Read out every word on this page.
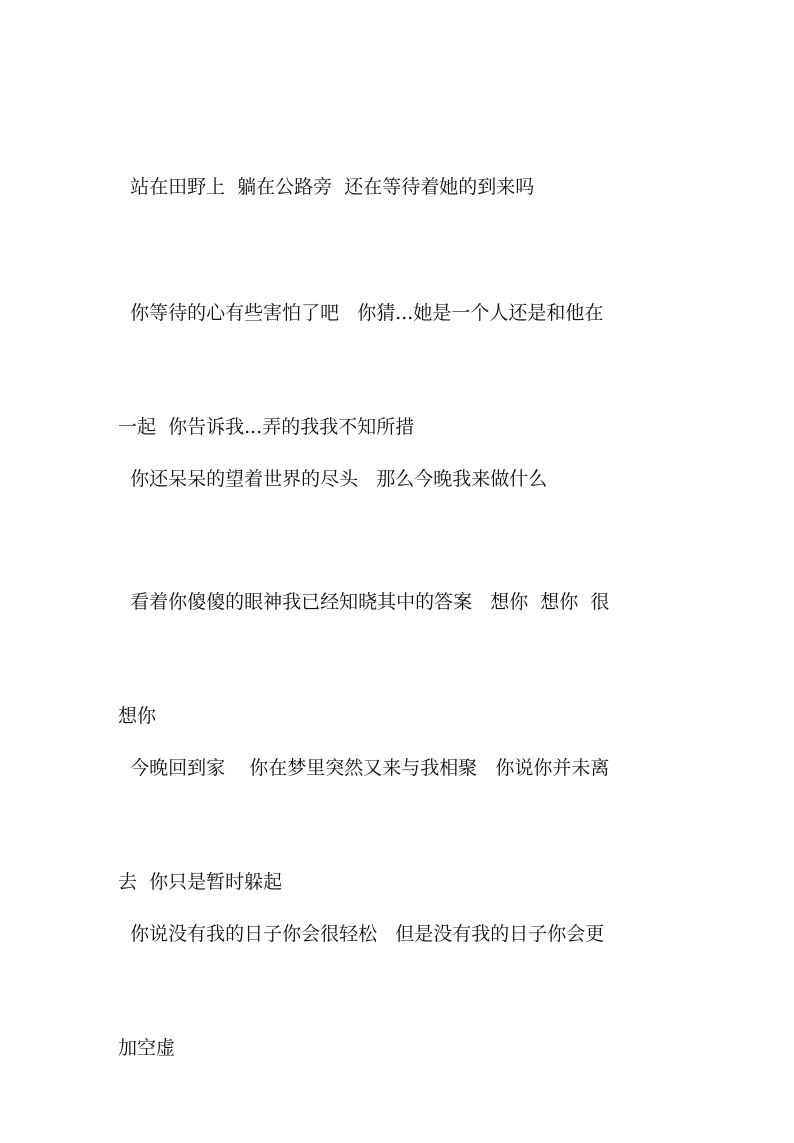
站在田野上  躺在公路旁  还在等待着她的到来吗

你等待的心有些害怕了吧   你猜...她是一个人还是和他在

一起  你告诉我...弄的我我不知所措

你还呆呆的望着世界的尽头   那么今晚我来做什么

看着你傻傻的眼神我已经知晓其中的答案   想你  想你  很

想你

今晚回到家    你在梦里突然又来与我相聚   你说你并未离

去  你只是暂时躲起

你说没有我的日子你会很轻松   但是没有我的日子你会更

加空虚
